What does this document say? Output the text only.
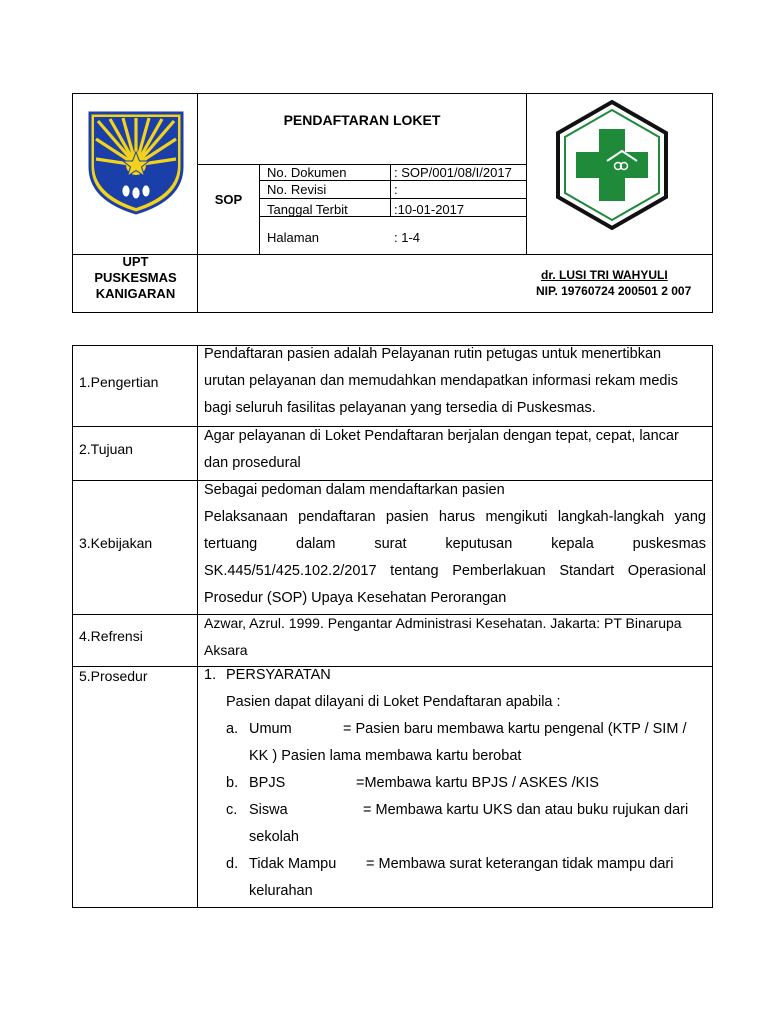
PENDAFTARAN LOKET
SOP
No. Dokumen	: SOP/001/08/I/2017
No. Revisi	:
Tanggal Terbit	:10-01-2017
Halaman	: 1-4
UPT
PUSKESMAS
KANIGARAN
dr. LUSI TRI WAHYULI
NIP. 19760724 200501 2 007
1.Pengertian
Pendaftaran pasien adalah Pelayanan rutin petugas untuk menertibkan
urutan pelayanan dan memudahkan mendapatkan informasi rekam medis
bagi seluruh fasilitas pelayanan yang tersedia di Puskesmas.
2.Tujuan
Agar pelayanan di Loket Pendaftaran berjalan dengan tepat, cepat, lancar
dan prosedural
3.Kebijakan
Sebagai pedoman dalam mendaftarkan pasien
Pelaksanaan pendaftaran pasien harus mengikuti langkah-langkah yang
tertuang dalam surat keputusan kepala puskesmas
SK.445/51/425.102.2/2017 tentang Pemberlakuan Standart Operasional
Prosedur (SOP) Upaya Kesehatan Perorangan
4.Refrensi
Azwar, Azrul. 1999. Pengantar Administrasi Kesehatan. Jakarta: PT Binarupa
Aksara
5.Prosedur	1. PERSYARATAN
Pasien dapat dilayani di Loket Pendaftaran apabila :
a. Umum	= Pasien baru membawa kartu pengenal (KTP / SIM /
KK ) Pasien lama membawa kartu berobat
b. BPJS	=Membawa kartu BPJS / ASKES /KIS
c. Siswa	= Membawa kartu UKS dan atau buku rujukan dari
sekolah
d. Tidak Mampu = Membawa surat keterangan tidak mampu dari
kelurahan
